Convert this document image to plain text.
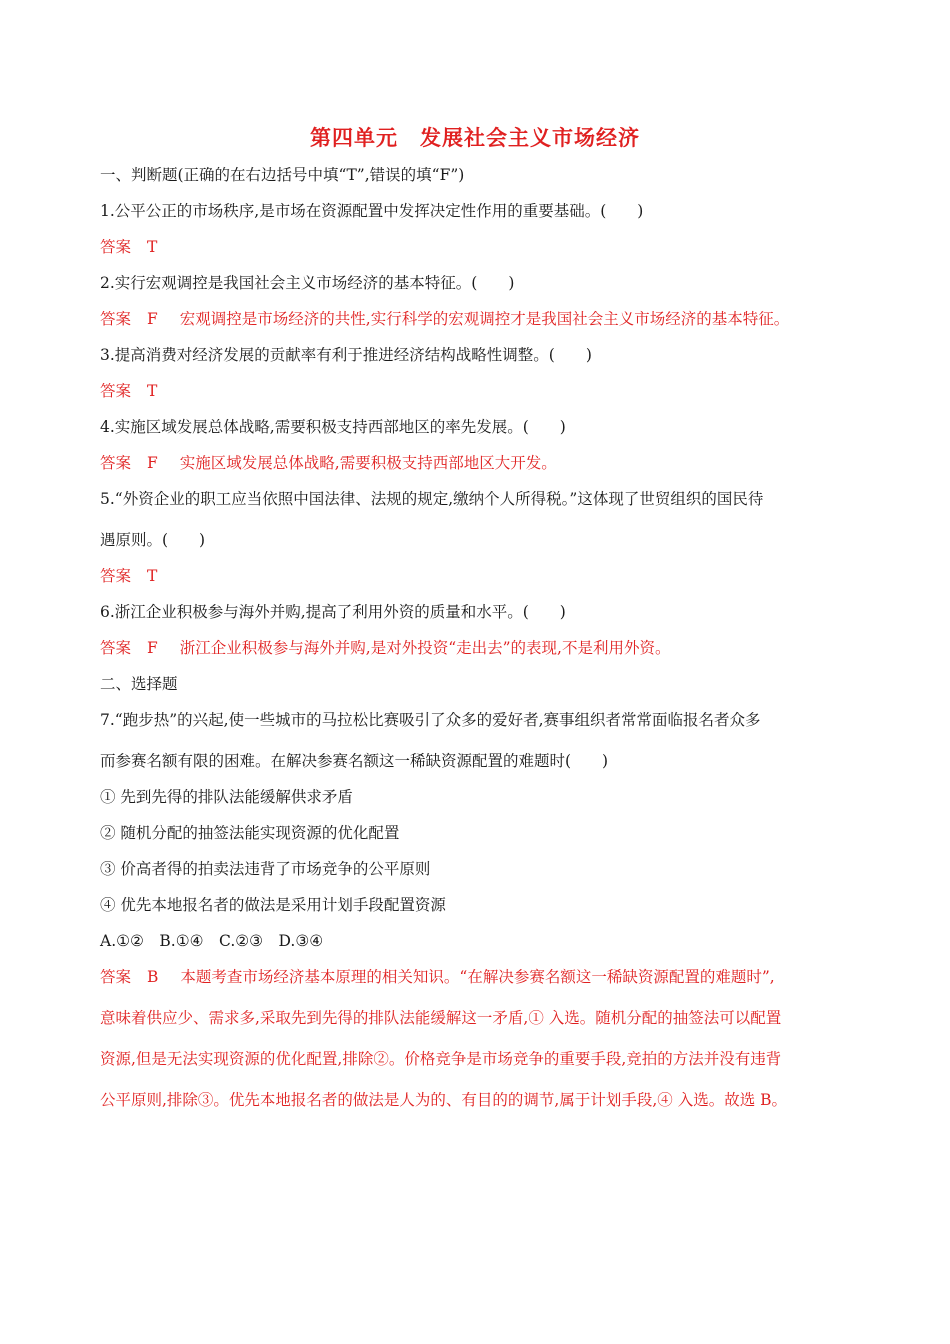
第四单元　发展社会主义市场经济
一、判断题(正确的在右边括号中填“T”,错误的填“F”)
1.公平公正的市场秩序,是市场在资源配置中发挥决定性作用的重要基础。(　　)
答案 T
2.实行宏观调控是我国社会主义市场经济的基本特征。(　　)
答案 F 宏观调控是市场经济的共性,实行科学的宏观调控才是我国社会主义市场经济的基本特征。
3.提高消费对经济发展的贡献率有利于推进经济结构战略性调整。(　　)
答案 T
4.实施区域发展总体战略,需要积极支持西部地区的率先发展。(　　)
答案 F 实施区域发展总体战略,需要积极支持西部地区大开发。
5.“外资企业的职工应当依照中国法律、法规的规定,缴纳个人所得税。”这体现了世贸组织的国民待
遇原则。(　　)
答案 T
6.浙江企业积极参与海外并购,提高了利用外资的质量和水平。(　　)
答案 F 浙江企业积极参与海外并购,是对外投资“走出去”的表现,不是利用外资。
二、选择题
7.“跑步热”的兴起,使一些城市的马拉松比赛吸引了众多的爱好者,赛事组织者常常面临报名者众多
而参赛名额有限的困难。在解决参赛名额这一稀缺资源配置的难题时(　　)
① 先到先得的排队法能缓解供求矛盾
② 随机分配的抽签法能实现资源的优化配置
③ 价高者得的拍卖法违背了市场竞争的公平原则
④ 优先本地报名者的做法是采用计划手段配置资源
A.①②　B.①④　C.②③　D.③④
答案 B 本题考查市场经济基本原理的相关知识。“在解决参赛名额这一稀缺资源配置的难题时”,
意味着供应少、需求多,采取先到先得的排队法能缓解这一矛盾,① 入选。随机分配的抽签法可以配置
资源,但是无法实现资源的优化配置,排除②。价格竞争是市场竞争的重要手段,竞拍的方法并没有违背
公平原则,排除③。优先本地报名者的做法是人为的、有目的的调节,属于计划手段,④ 入选。故选 B。
